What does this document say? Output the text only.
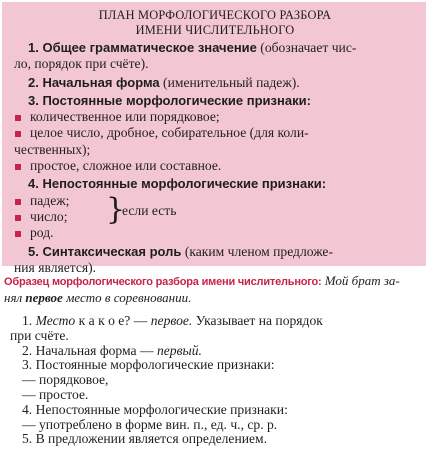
ПЛАН МОРФОЛОГИЧЕСКОГО РАЗБОРА
ИМЕНИ ЧИСЛИТЕЛЬНОГО
1. Общее грамматическое значение (обозначает чис-
ло, порядок при счёте).
2. Начальная форма (именительный падеж).
3. Постоянные морфологические признаки:
количественное или порядковое;
целое число, дробное, собирательное (для коли-
чественных);
простое, сложное или составное.
4. Непостоянные морфологические признаки:
падеж;
число;
род.
}
если есть
5. Синтаксическая роль (каким членом предложе-
ния является).
Образец морфологического разбора имени числительного: Мой брат за-
нял первое место в соревновании.
1. Место к а к о е? — первое. Указывает на порядок
при счёте.
2. Начальная форма — первый.
3. Постоянные морфологические признаки:
— порядковое,
— простое.
4. Непостоянные морфологические признаки:
— употреблено в форме вин. п., ед. ч., ср. р.
5. В предложении является определением.
